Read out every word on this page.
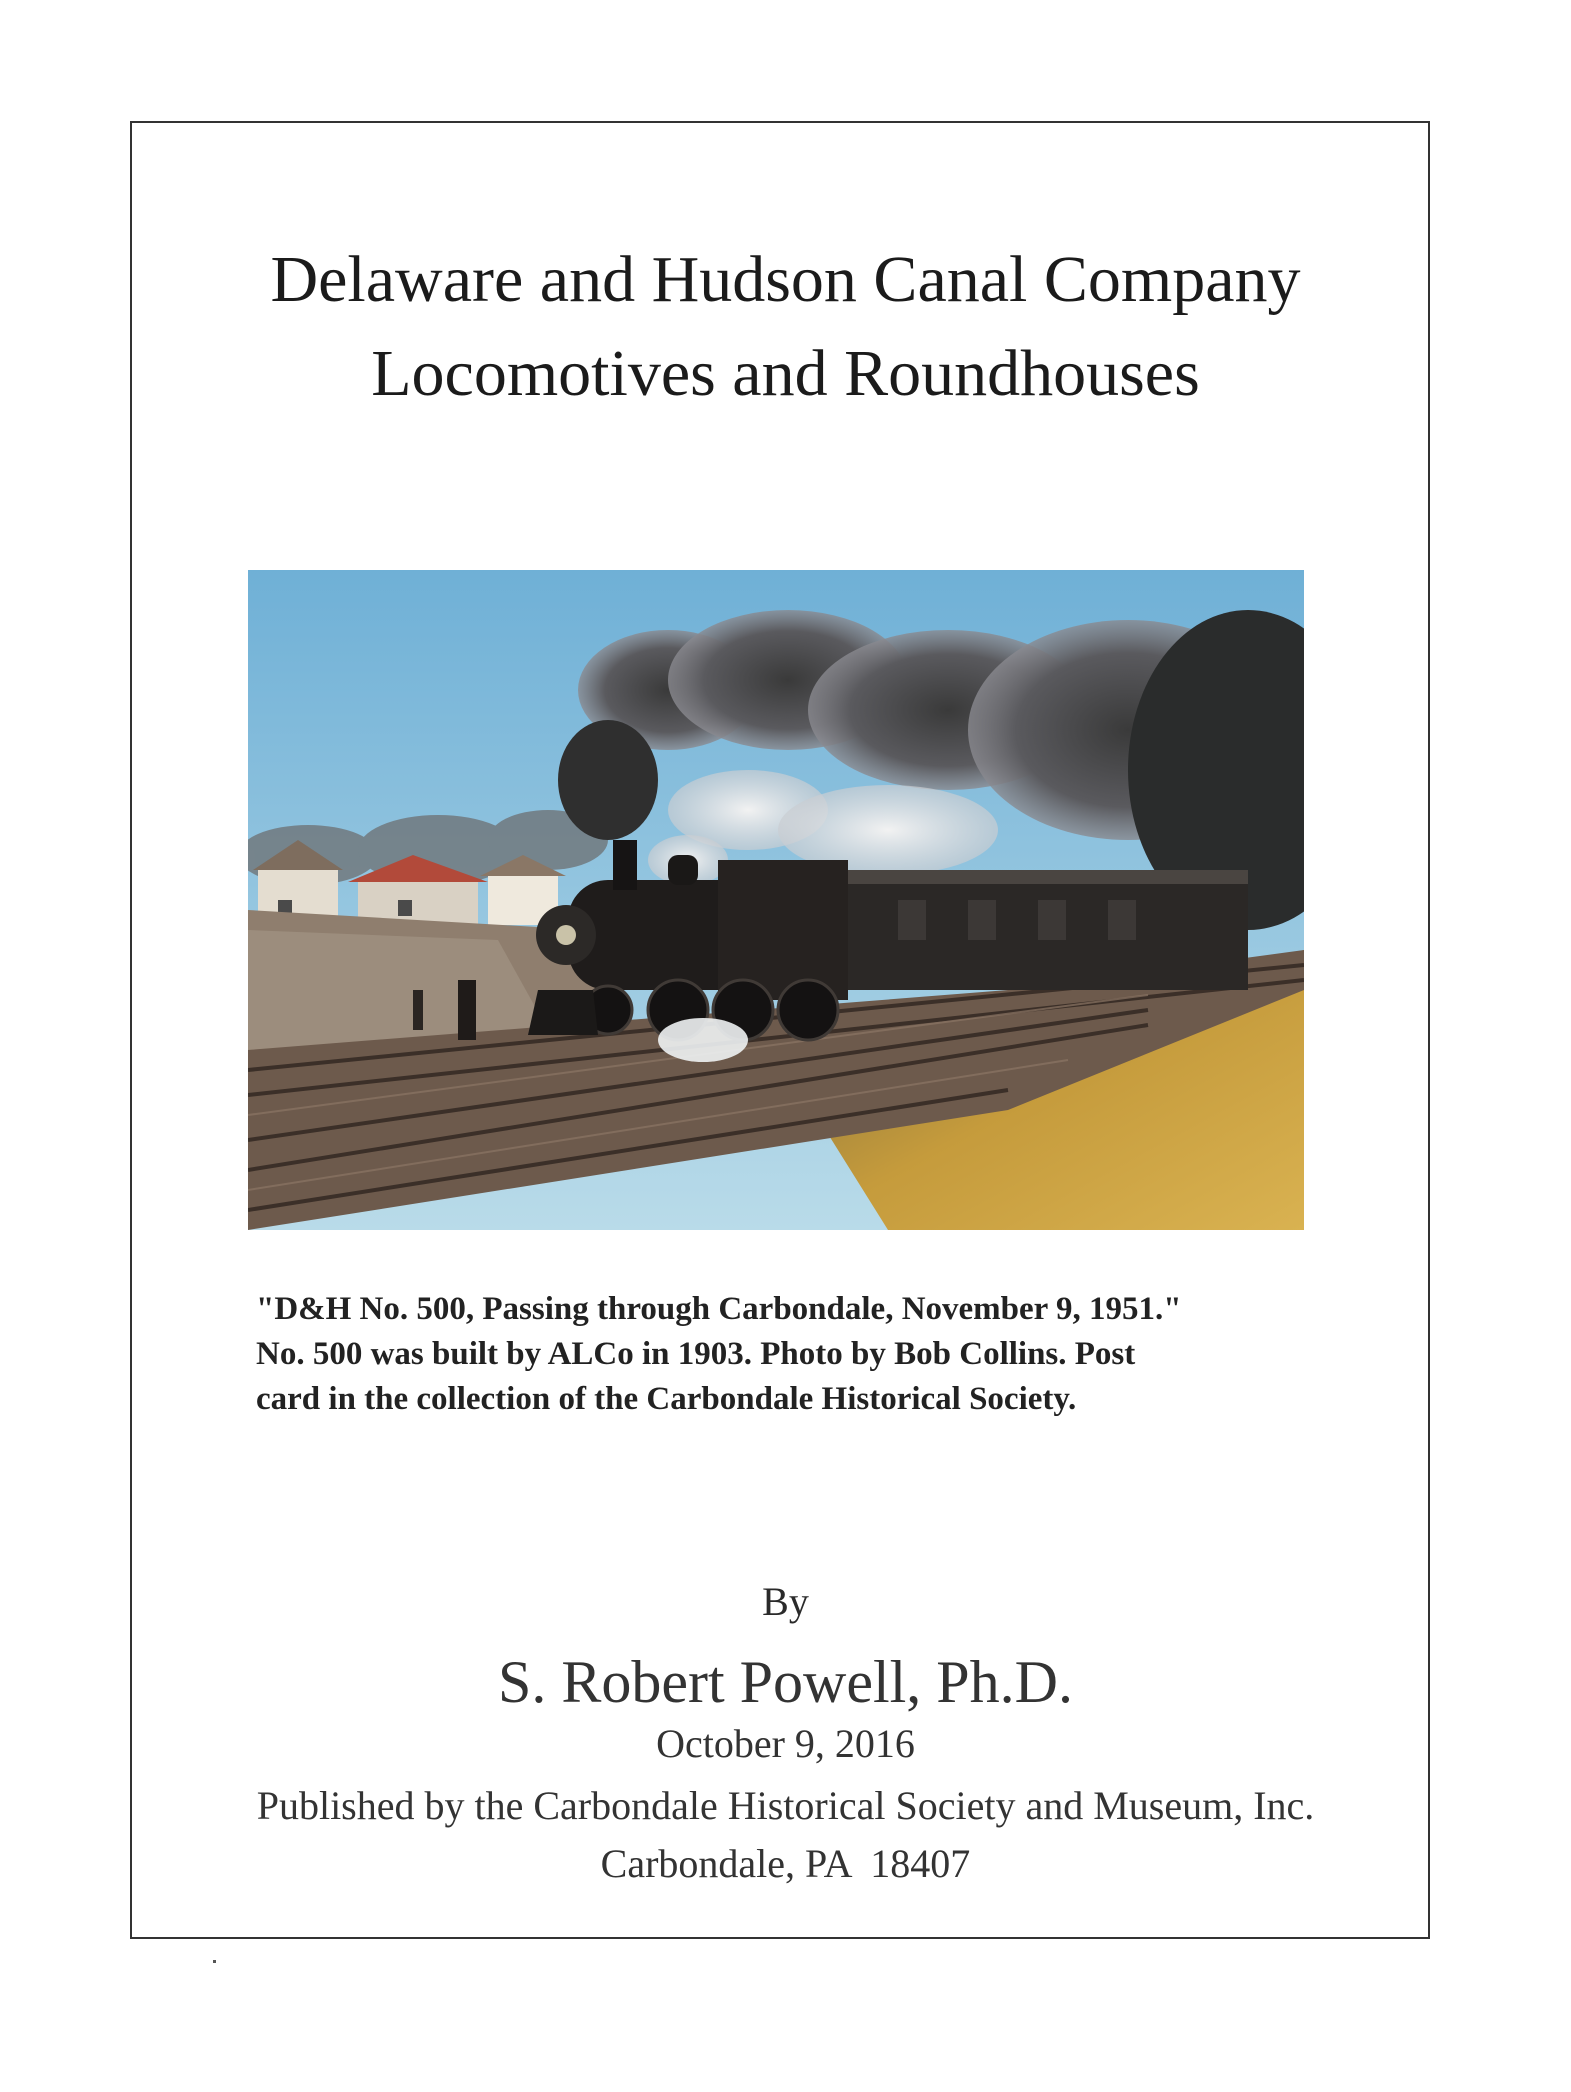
Delaware and Hudson Canal Company
Locomotives and Roundhouses
"D&H No. 500, Passing through Carbondale, November 9, 1951."
No. 500 was built by ALCo in 1903. Photo by Bob Collins. Post
card in the collection of the Carbondale Historical Society.
By
S. Robert Powell, Ph.D.
October 9, 2016
Published by the Carbondale Historical Society and Museum, Inc.
Carbondale, PA  18407
